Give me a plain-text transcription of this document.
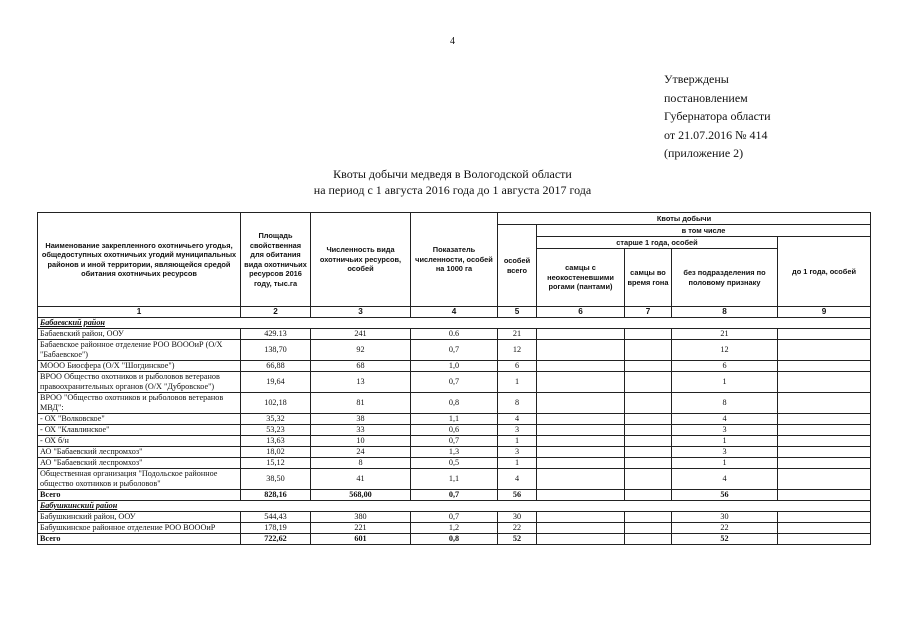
4
Утверждены
постановлением
Губернатора области
от 21.07.2016 № 414
(приложение 2)
Квоты добычи медведя в Вологодской области
на период с 1 августа 2016 года до 1 августа 2017 года
Наименование закрепленного охотничьего угодья, общедоступных охотничьих угодий муниципальных районов и иной территории, являющейся средой обитания охотничьих ресурсов	Площадь свойственная для обитания вида охотничьих ресурсов 2016 году, тыс.га	Численность вида охотничьих ресурсов, особей	Показатель численности, особей на 1000 га	Квоты добычи				
				особей всего	в том числе			
					старше 1 года, особей			до 1 года, особей
					самцы с неокостеневшими рогами (пантами)	самцы во время гона	без подразделения по половому признаку	
1	2	3	4	5	6	7	8	9
Бабаевский район								
Бабаевский район, ООУ	429.13	241	0.6	21			21	
Бабаевское районное отделение РОО ВОООиР (О/Х "Бабаевское")	138,70	92	0,7	12			12	
МООО Биосфера (О/Х "Шогдинское")	66,88	68	1,0	6			6	
ВРОО Общество охотников и рыболовов ветеранов правоохранительных органов (О/Х "Дубровское")	19,64	13	0,7	1			1	
ВРОО "Общество охотников и рыболовов ветеранов МВД":	102,18	81	0,8	8			8	
- ОХ "Волковское"	35,32	38	1,1	4			4	
- ОХ "Клавлинское"	53,23	33	0,6	3			3	
- ОХ б/н	13,63	10	0,7	1			1	
АО "Бабаевский леспромхоз"	18,02	24	1,3	3			3	
АО "Бабаевский леспромхоз"	15,12	8	0,5	1			1	
Общественная организация "Подольское районное общество охотников и рыболовов"	38,50	41	1,1	4			4	
Всего	828,16	568,00	0,7	56			56	
Бабушкинский район								
Бабушкинский район, ООУ	544,43	380	0,7	30			30	
Бабушкинское районное отделение РОО ВОООиР	178,19	221	1,2	22			22	
Всего	722,62	601	0,8	52			52	
